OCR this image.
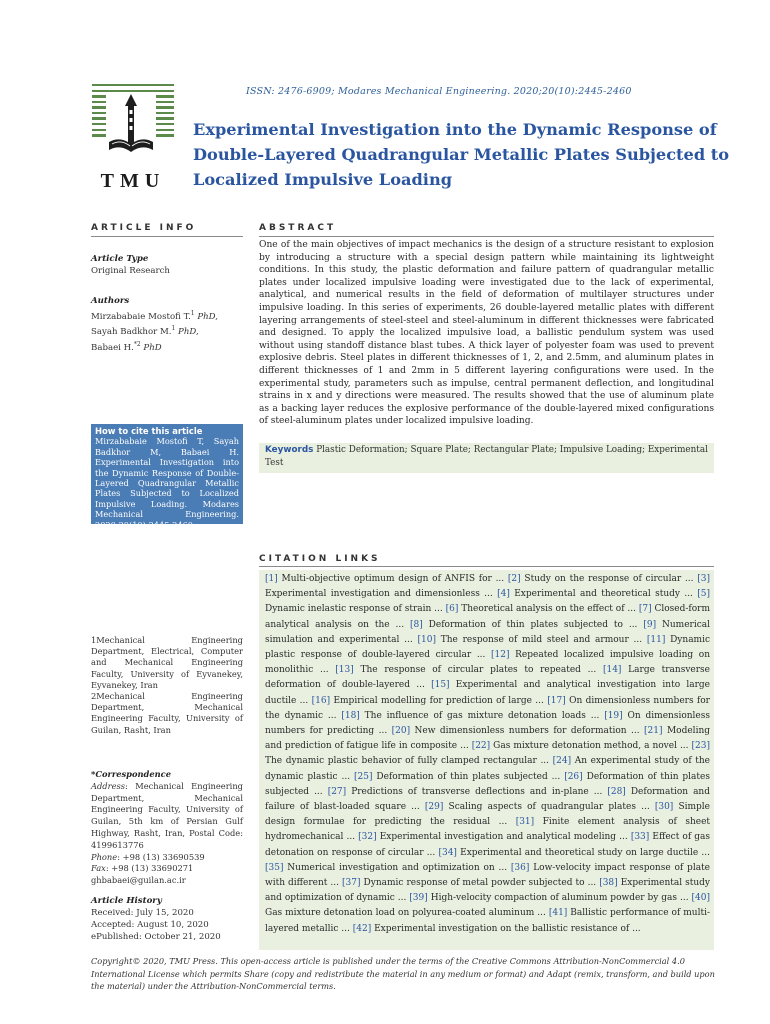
ISSN: 2476-6909; Modares Mechanical Engineering. 2020;20(10):2445-2460
TMU
Experimental Investigation into the Dynamic Response of
Double-Layered Quadrangular Metallic Plates Subjected to
Localized Impulsive Loading
ARTICLE INFO	ABSTRACT
Article Type
Original Research
Authors
Mirzababaie Mostofi T.$^1$ PhD,
Sayah Badkhor M.$^1$ PhD,
Babaei H.$^{*2}$ PhD
How to cite this article
Mirzababaie Mostofi T, Sayah Badkhor M, Babaei H. Experimental Investigation into the Dynamic Response of Double-Layered Quadrangular Metallic Plates Subjected to Localized Impulsive Loading. Modares Mechanical Engineering. 2020;20(10):2445-2460.
1Mechanical Engineering Department, Electrical, Computer and Mechanical Engineering Faculty, University of Eyvanekey, Eyvanekey, Iran
2Mechanical Engineering Department, Mechanical Engineering Faculty, University of Guilan, Rasht, Iran
*Correspondence
Address: Mechanical Engineering Department, Mechanical Engineering Faculty, University of Guilan, 5th km of Persian Gulf Highway, Rasht, Iran, Postal Code: 4199613776
Phone: +98 (13) 33690539
Fax: +98 (13) 33690271
ghbabaei@guilan.ac.ir
Article History
Received: July 15, 2020
Accepted: August 10, 2020
ePublished: October 21, 2020
One of the main objectives of impact mechanics is the design of a structure resistant to explosion by introducing a structure with a special design pattern while maintaining its lightweight conditions. In this study, the plastic deformation and failure pattern of quadrangular metallic plates under localized impulsive loading were investigated due to the lack of experimental, analytical, and numerical results in the field of deformation of multilayer structures under impulsive loading. In this series of experiments, 26 double-layered metallic plates with different layering arrangements of steel-steel and steel-aluminum in different thicknesses were fabricated and designed. To apply the localized impulsive load, a ballistic pendulum system was used without using standoff distance blast tubes. A thick layer of polyester foam was used to prevent explosive debris. Steel plates in different thicknesses of 1, 2, and 2.5mm, and aluminum plates in different thicknesses of 1 and 2mm in 5 different layering configurations were used. In the experimental study, parameters such as impulse, central permanent deflection, and longitudinal strains in x and y directions were measured. The results showed that the use of aluminum plate as a backing layer reduces the explosive performance of the double-layered mixed configurations of steel-aluminum plates under localized impulsive loading.
Keywords Plastic Deformation; Square Plate; Rectangular Plate; Impulsive Loading; Experimental Test
CITATION LINKS
[1] Multi-objective optimum design of ANFIS for ... [2] Study on the response of circular ... [3] Experimental investigation and dimensionless ... [4] Experimental and theoretical study ... [5] Dynamic inelastic response of strain ... [6] Theoretical analysis on the effect of ... [7] Closed-form analytical analysis on the ... [8] Deformation of thin plates subjected to ... [9] Numerical simulation and experimental ... [10] The response of mild steel and armour ... [11] Dynamic plastic response of double-layered circular ... [12] Repeated localized impulsive loading on monolithic ... [13] The response of circular plates to repeated ... [14] Large transverse deformation of double-layered ... [15] Experimental and analytical investigation into large ductile ... [16] Empirical modelling for prediction of large ... [17] On dimensionless numbers for the dynamic ... [18] The influence of gas mixture detonation loads ... [19] On dimensionless numbers for predicting ... [20] New dimensionless numbers for deformation ... [21] Modeling and prediction of fatigue life in composite ... [22] Gas mixture detonation method, a novel ... [23] The dynamic plastic behavior of fully clamped rectangular ... [24] An experimental study of the dynamic plastic ... [25] Deformation of thin plates subjected ... [26] Deformation of thin plates subjected ... [27] Predictions of transverse deflections and in-plane ... [28] Deformation and failure of blast-loaded square ... [29] Scaling aspects of quadrangular plates ... [30] Simple design formulae for predicting the residual ... [31] Finite element analysis of sheet hydromechanical ... [32] Experimental investigation and analytical modeling ... [33] Effect of gas detonation on response of circular ... [34] Experimental and theoretical study on large ductile ... [35] Numerical investigation and optimization on ... [36] Low-velocity impact response of plate with different ... [37] Dynamic response of metal powder subjected to ... [38] Experimental study and optimization of dynamic ... [39] High-velocity compaction of aluminum powder by gas ... [40] Gas mixture detonation load on polyurea-coated aluminum ... [41] Ballistic performance of multi-layered metallic ... [42] Experimental investigation on the ballistic resistance of ...
Copyright© 2020, TMU Press. This open-access article is published under the terms of the Creative Commons Attribution-NonCommercial 4.0 International License which permits Share (copy and redistribute the material in any medium or format) and Adapt (remix, transform, and build upon the material) under the Attribution-NonCommercial terms.
